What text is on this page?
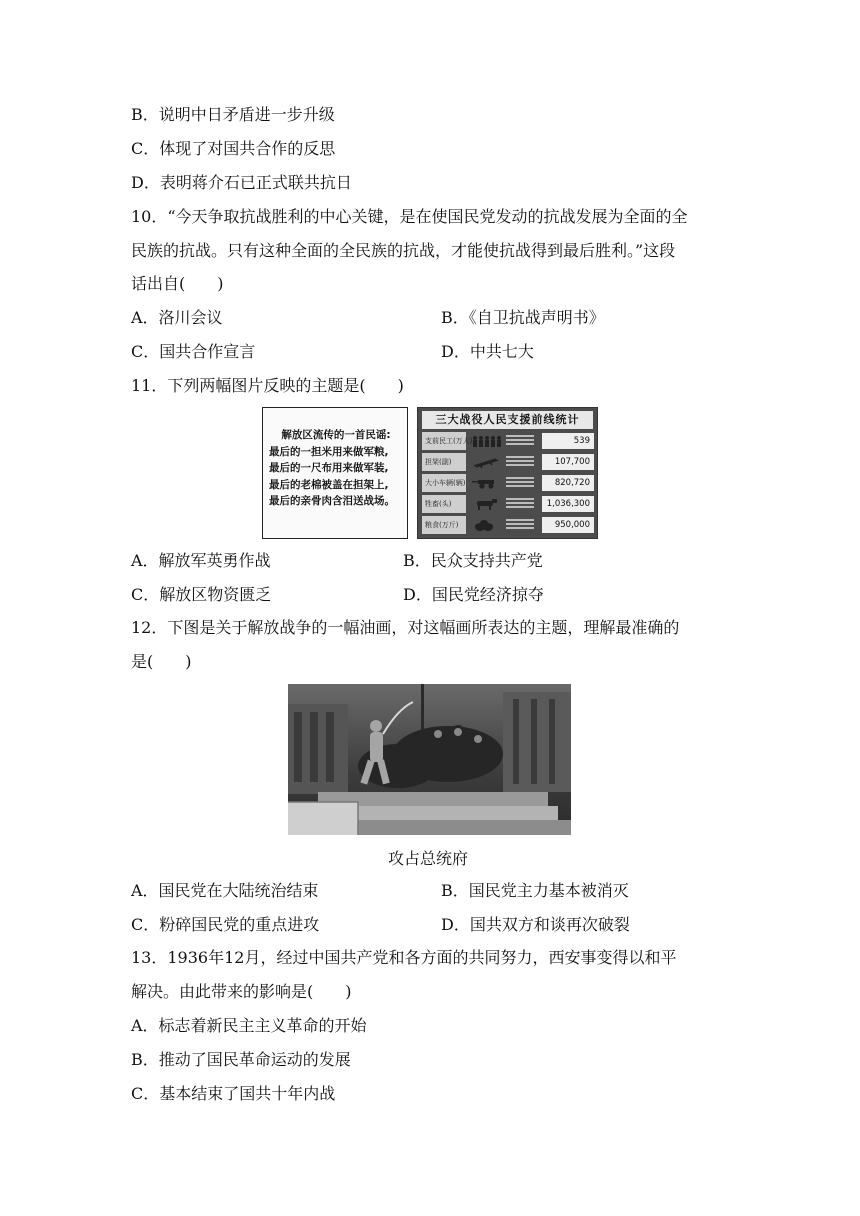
B．说明中日矛盾进一步升级
C．体现了对国共合作的反思
D．表明蒋介石已正式联共抗日
10．“今天争取抗战胜利的中心关键，是在使国民党发动的抗战发展为全面的全
民族的抗战。只有这种全面的全民族的抗战，才能使抗战得到最后胜利。”这段
话出自(　　)
A．洛川会议	B．《自卫抗战声明书》
C．国共合作宣言	D．中共七大
11．下列两幅图片反映的主题是(　　)
解放区流传的一首民谣:
最后的一担米用来做军粮,
最后的一尺布用来做军装,
最后的老棉被盖在担架上,
最后的亲骨肉含泪送战场。
三大战役人民支援前线统计
支前民工(万人)	539
担架(副)	107,700
大小车辆(辆)	820,720
牲畜(头)	1,036,300
粮食(万斤)	950,000
A．解放军英勇作战	B．民众支持共产党
C．解放区物资匮乏	D．国民党经济掠夺
12．下图是关于解放战争的一幅油画，对这幅画所表达的主题，理解最准确的
是(　　)
攻占总统府
A．国民党在大陆统治结束	B．国民党主力基本被消灭
C．粉碎国民党的重点进攻	D．国共双方和谈再次破裂
13．1936年12月，经过中国共产党和各方面的共同努力，西安事变得以和平
解决。由此带来的影响是(　　)
A．标志着新民主主义革命的开始
B．推动了国民革命运动的发展
C．基本结束了国共十年内战
